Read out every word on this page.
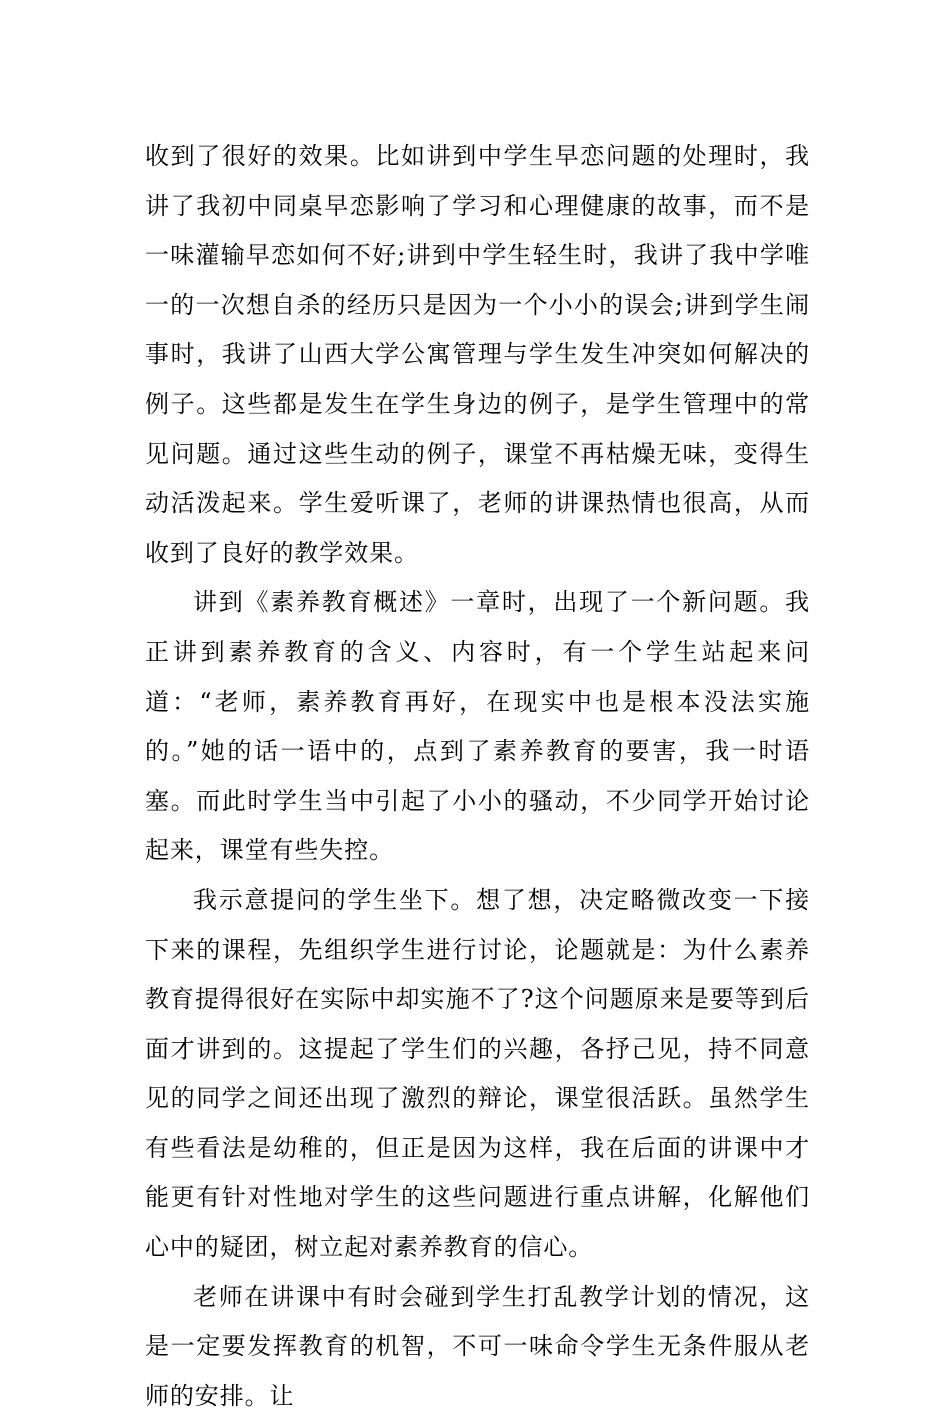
收到了很好的效果。比如讲到中学生早恋问题的处理时，我讲了我初中同桌早恋影响了学习和心理健康的故事，而不是一味灌输早恋如何不好;讲到中学生轻生时，我讲了我中学唯一的一次想自杀的经历只是因为一个小小的误会;讲到学生闹事时，我讲了山西大学公寓管理与学生发生冲突如何解决的例子。这些都是发生在学生身边的例子，是学生管理中的常见问题。通过这些生动的例子，课堂不再枯燥无味，变得生动活泼起来。学生爱听课了，老师的讲课热情也很高，从而收到了良好的教学效果。

讲到《素养教育概述》一章时，出现了一个新问题。我正讲到素养教育的含义、内容时，有一个学生站起来问道：“老师，素养教育再好，在现实中也是根本没法实施的。”她的话一语中的，点到了素养教育的要害，我一时语塞。而此时学生当中引起了小小的骚动，不少同学开始讨论起来，课堂有些失控。

我示意提问的学生坐下。想了想，决定略微改变一下接下来的课程，先组织学生进行讨论，论题就是：为什么素养教育提得很好在实际中却实施不了?这个问题原来是要等到后面才讲到的。这提起了学生们的兴趣，各抒己见，持不同意见的同学之间还出现了激烈的辩论，课堂很活跃。虽然学生有些看法是幼稚的，但正是因为这样，我在后面的讲课中才能更有针对性地对学生的这些问题进行重点讲解，化解他们心中的疑团，树立起对素养教育的信心。

老师在讲课中有时会碰到学生打乱教学计划的情况，这是一定要发挥教育的机智，不可一味命令学生无条件服从老师的安排。让
